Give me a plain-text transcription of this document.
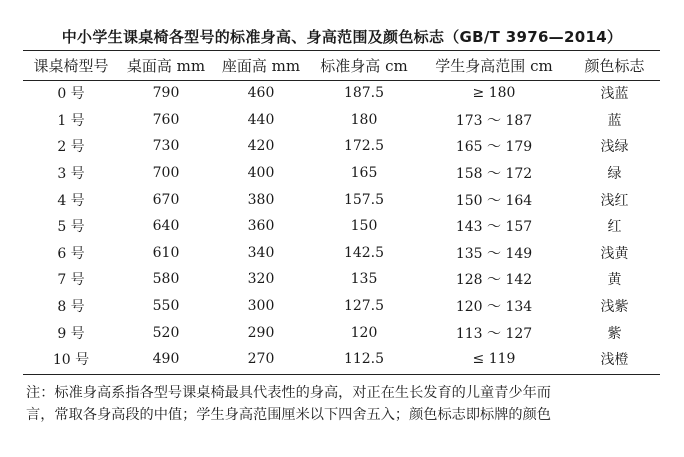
中小学生课桌椅各型号的标准身高、身高范围及颜色标志（GB/T 3976—2014）
课桌椅型号	桌面高 mm	座面高 mm	标准身高 cm	学生身高范围 cm	颜色标志
0 号	790	460	187.5	≥ 180	浅蓝
1 号	760	440	180	173 ～ 187	蓝
2 号	730	420	172.5	165 ～ 179	浅绿
3 号	700	400	165	158 ～ 172	绿
4 号	670	380	157.5	150 ～ 164	浅红
5 号	640	360	150	143 ～ 157	红
6 号	610	340	142.5	135 ～ 149	浅黄
7 号	580	320	135	128 ～ 142	黄
8 号	550	300	127.5	120 ～ 134	浅紫
9 号	520	290	120	113 ～ 127	紫
10 号	490	270	112.5	≤ 119	浅橙

注：标准身高系指各型号课桌椅最具代表性的身高，对正在生长发育的儿童青少年而

言，常取各身高段的中值；学生身高范围厘米以下四舍五入；颜色标志即标牌的颜色
